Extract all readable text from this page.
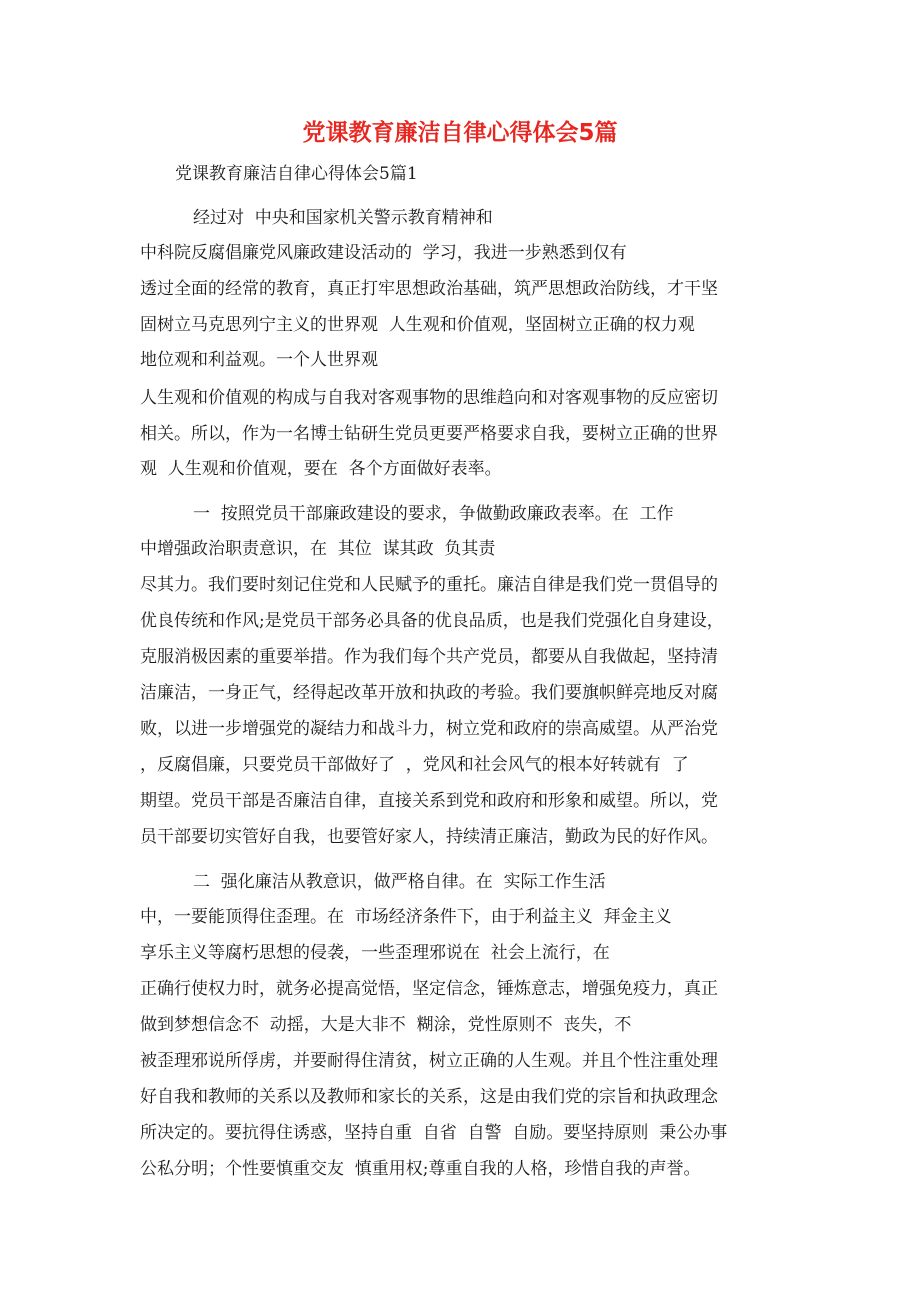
党课教育廉洁自律心得体会5篇
党课教育廉洁自律心得体会5篇1
经过对  中央和国家机关警示教育精神和
中科院反腐倡廉党风廉政建设活动的  学习，我进一步熟悉到仅有
透过全面的经常的教育，真正打牢思想政治基础，筑严思想政治防线，才干坚
固树立马克思列宁主义的世界观  人生观和价值观，坚固树立正确的权力观
地位观和利益观。一个人世界观
人生观和价值观的构成与自我对客观事物的思维趋向和对客观事物的反应密切
相关。所以，作为一名博士钻研生党员更要严格要求自我，要树立正确的世界
观  人生观和价值观，要在  各个方面做好表率。
一  按照党员干部廉政建设的要求，争做勤政廉政表率。在  工作
中增强政治职责意识，在  其位  谋其政  负其责
尽其力。我们要时刻记住党和人民赋予的重托。廉洁自律是我们党一贯倡导的
优良传统和作风;是党员干部务必具备的优良品质，也是我们党强化自身建设，
克服消极因素的重要举措。作为我们每个共产党员，都要从自我做起，坚持清
洁廉洁，一身正气，经得起改革开放和执政的考验。我们要旗帜鲜亮地反对腐
败，以进一步增强党的凝结力和战斗力，树立党和政府的崇高威望。从严治党
，反腐倡廉，只要党员干部做好了  ，党风和社会风气的根本好转就有  了
期望。党员干部是否廉洁自律，直接关系到党和政府和形象和威望。所以，党
员干部要切实管好自我，也要管好家人，持续清正廉洁，勤政为民的好作风。
二  强化廉洁从教意识，做严格自律。在  实际工作生活
中，一要能顶得住歪理。在  市场经济条件下，由于利益主义  拜金主义
享乐主义等腐朽思想的侵袭，一些歪理邪说在  社会上流行，在
正确行使权力时，就务必提高觉悟，坚定信念，锤炼意志，增强免疫力，真正
做到梦想信念不  动摇，大是大非不  糊涂，党性原则不  丧失，不
被歪理邪说所俘虏，并要耐得住清贫，树立正确的人生观。并且个性注重处理
好自我和教师的关系以及教师和家长的关系，这是由我们党的宗旨和执政理念
所决定的。要抗得住诱惑，坚持自重  自省  自警  自励。要坚持原则  秉公办事
公私分明；个性要慎重交友  慎重用权;尊重自我的人格，珍惜自我的声誉。
